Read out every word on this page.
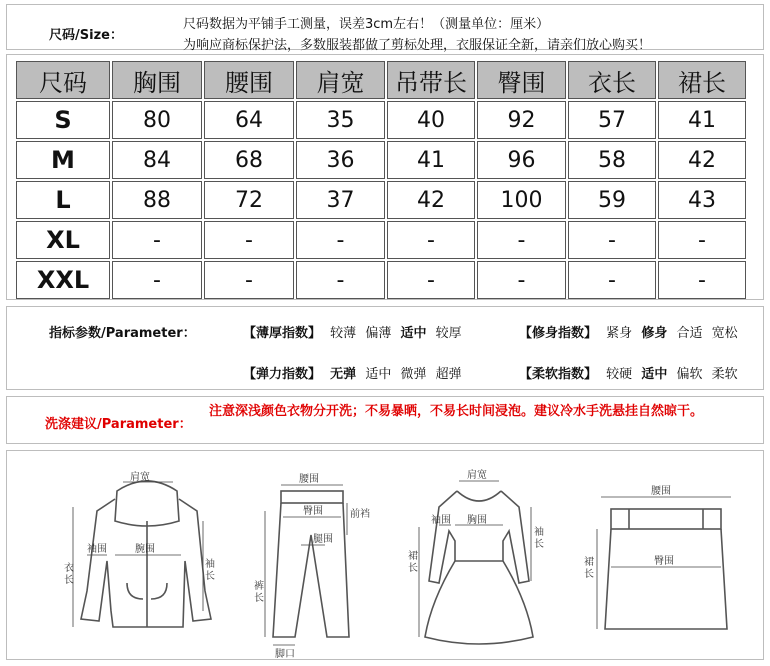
尺码/Size：
尺码数据为平铺手工测量，误差3cm左右！（测量单位：厘米）
为响应商标保护法，多数服装都做了剪标处理，衣服保证全新，请亲们放心购买！
尺码	胸围	腰围	肩宽	吊带长	臀围	衣长	裙长
S	80	64	35	40	92	57	41
M	84	68	36	41	96	58	42
L	88	72	37	42	100	59	43
XL	-	-	-	-	-	-	-
XXL	-	-	-	-	-	-	-
指标参数/Parameter：	【薄厚指数】 较薄 偏薄 适中 较厚	【修身指数】 紧身 修身 合适 宽松
【弹力指数】 无弹 适中 微弹 超弹	【柔软指数】 较硬 适中 偏软 柔软
洗涤建议/Parameter：
注意深浅颜色衣物分开洗；不易暴晒，不易长时间浸泡。建议冷水手洗悬挂自然晾干。
肩宽
衣
长
袖围	腕围
袖
长
腰围
臀围	前裆
腿围
裤
长
脚口
肩宽
袖围 胸围
袖
长
裙
长
腰围
臀围
裙
长
